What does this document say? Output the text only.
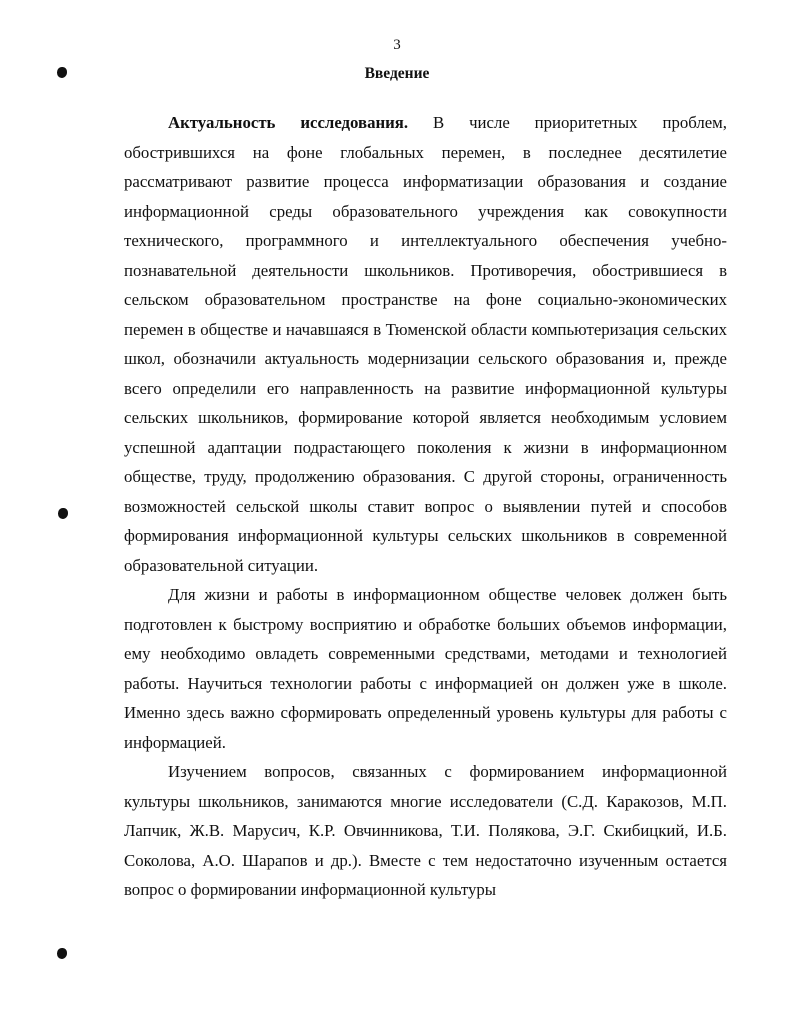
3
Введение

Актуальность исследования. В числе приоритетных проблем, обострившихся на фоне глобальных перемен, в последнее десятилетие рассматривают развитие процесса информатизации образования и создание информационной среды образовательного учреждения как совокупности технического, программного и интеллектуального обеспечения учебно-познавательной деятельности школьников. Противоречия, обострившиеся в сельском образовательном пространстве на фоне социально-экономических перемен в обществе и начавшаяся в Тюменской области компьютеризация сельских школ, обозначили актуальность модернизации сельского образования и, прежде всего определили его направленность на развитие информационной культуры сельских школьников, формирование которой является необходимым условием успешной адаптации подрастающего поколения к жизни в информационном обществе, труду, продолжению образования. С другой стороны, ограниченность возможностей сельской школы ставит вопрос о выявлении путей и способов формирования информационной культуры сельских школьников в современной образовательной ситуации.

Для жизни и работы в информационном обществе человек должен быть подготовлен к быстрому восприятию и обработке больших объемов информации, ему необходимо овладеть современными средствами, методами и технологией работы. Научиться технологии работы с информацией он должен уже в школе. Именно здесь важно сформировать определенный уровень культуры для работы с информацией.

Изучением вопросов, связанных с формированием информационной культуры школьников, занимаются многие исследователи (С.Д. Каракозов, М.П. Лапчик, Ж.В. Марусич, К.Р. Овчинникова, Т.И. Полякова, Э.Г. Скибицкий, И.Б. Соколова, А.О. Шарапов и др.). Вместе с тем недостаточно изученным остается вопрос о формировании информационной культуры
